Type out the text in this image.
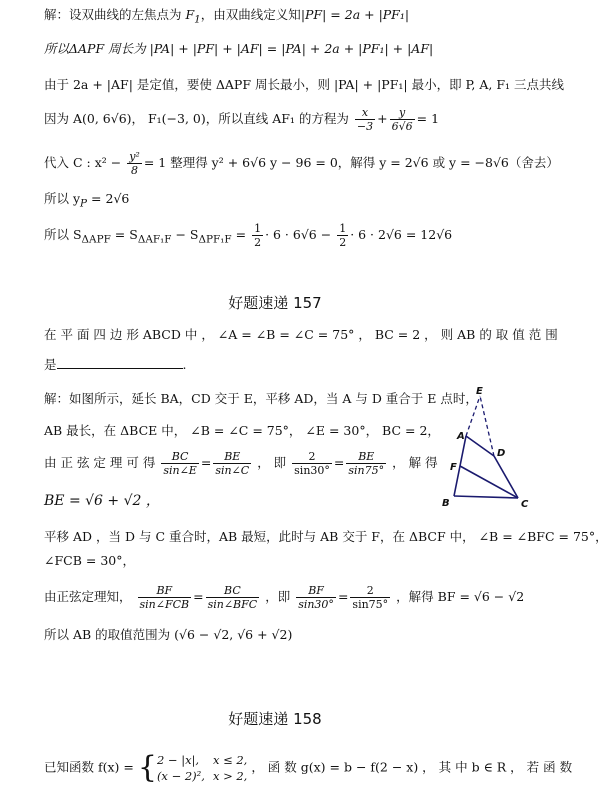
解：设双曲线的左焦点为 $F_1$，由双曲线定义知|PF| = 2a + |PF₁|
所以ΔAPF 周长为 |PA| + |PF| + |AF| = |PA| + 2a + |PF₁| + |AF|
由于 2a + |AF| 是定值，要使 ΔAPF 周长最小，则 |PA| + |PF₁| 最小，即 P, A, F₁ 三点共线
因为 A(0, 6√6)， F₁(−3, 0)，所以直线 AF₁ 的方程为 $\frac{x}{-3} + \frac{y}{6√6} = 1$
代入 C : $x^2 - \frac{\text{y²}}{8} = 1$ 整理得 y² + 6√6 y − 96 = 0，解得 y = 2√6 或 y = −8√6（舍去）
所以 $y_P = 2√6$
所以 $S_{\Delta APF} = S_{\Delta AF_1F} - S_{\Delta PF_1F} = \frac{1}{2} \cdot 6 \cdot 6√6 - \frac{1}{2} \cdot 6 \cdot 2√6 = 12√6$
好题速递 157
在 平 面 四 边 形 ABCD 中 ， ∠A = ∠B = ∠C = 75° ， BC = 2 ， 则 AB 的 取 值 范 围
是	.
解：如图所示，延长 BA，CD 交于 E，平移 AD，当 A 与 D 重合于 E 点时，
AB 最长，在 ΔBCE 中， ∠B = ∠C = 75°， ∠E = 30°， BC = 2，
由 正 弦 定 理 可 得 $\frac{BC}{\sin\angle E} = \frac{BE}{\sin\angle C}$ ， 即 $\frac{2}{\sin 30^\circ} = \frac{BE}{\sin 75^\circ}$ ， 解 得
BE = √6 + √2 ，
平移 AD ，当 D 与 C 重合时，AB 最短，此时与 AB 交于 F，在 ΔBCF 中， ∠B = ∠BFC = 75°，
∠FCB = 30°，
由正弦定理知， $\frac{BF}{\text{sin∠FCB}} = \frac{BC}{\text{sin∠BFC}}$ ，即 $\frac{BF}{\sin 30^\circ} = \frac{2}{\sin 75^\circ}$ ，解得 BF = √6 − √2
所以 AB 的取值范围为 (√6 − √2, √6 + √2)
E
A
D
F
B	C
好题速递 158
已知函数 f(x) = { 2 − |x|, x ≤ 2,
(x − 2)², x > 2,
， 函 数 g(x) = b − f(2 − x) ， 其 中 b ∈ R ， 若 函 数
